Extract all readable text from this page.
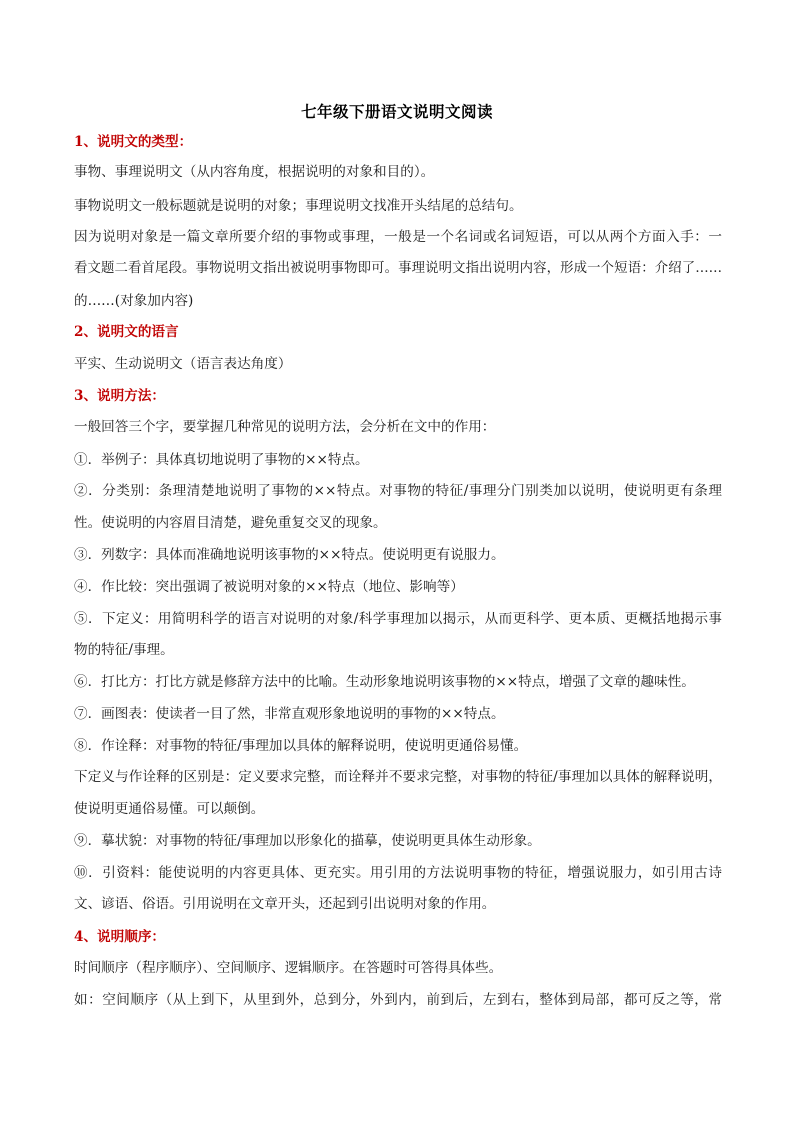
七年级下册语文说明文阅读
1、说明文的类型：
事物、事理说明文（从内容角度，根据说明的对象和目的）。
事物说明文一般标题就是说明的对象；事理说明文找准开头结尾的总结句。
因为说明对象是一篇文章所要介绍的事物或事理，一般是一个名词或名词短语，可以从两个方面入手：一
看文题二看首尾段。事物说明文指出被说明事物即可。事理说明文指出说明内容，形成一个短语：介绍了……
的……(对象加内容)
2、说明文的语言
平实、生动说明文（语言表达角度）
3、说明方法：
一般回答三个字，要掌握几种常见的说明方法，会分析在文中的作用：
①．举例子：具体真切地说明了事物的××特点。
②．分类别：条理清楚地说明了事物的××特点。对事物的特征/事理分门别类加以说明，使说明更有条理
性。使说明的内容眉目清楚，避免重复交叉的现象。
③．列数字：具体而准确地说明该事物的××特点。使说明更有说服力。
④．作比较：突出强调了被说明对象的××特点（地位、影响等）
⑤．下定义：用简明科学的语言对说明的对象/科学事理加以揭示，从而更科学、更本质、更概括地揭示事
物的特征/事理。
⑥．打比方：打比方就是修辞方法中的比喻。生动形象地说明该事物的××特点，增强了文章的趣味性。
⑦．画图表：使读者一目了然，非常直观形象地说明的事物的××特点。
⑧．作诠释：对事物的特征/事理加以具体的解释说明，使说明更通俗易懂。
下定义与作诠释的区别是：定义要求完整，而诠释并不要求完整，对事物的特征/事理加以具体的解释说明，
使说明更通俗易懂。可以颠倒。
⑨．摹状貌：对事物的特征/事理加以形象化的描摹，使说明更具体生动形象。
⑩．引资料：能使说明的内容更具体、更充实。用引用的方法说明事物的特征，增强说服力，如引用古诗
文、谚语、俗语。引用说明在文章开头，还起到引出说明对象的作用。
4、说明顺序：
时间顺序（程序顺序）、空间顺序、逻辑顺序。在答题时可答得具体些。
如：空间顺序（从上到下，从里到外，总到分，外到内，前到后，左到右，整体到局部，都可反之等，常
